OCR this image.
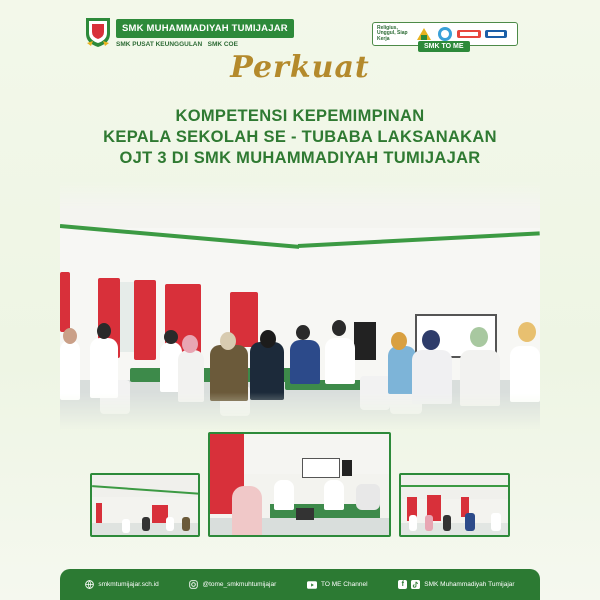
SMK MUHAMMADIYAH TUMIJAJAR
SMK PUSAT KEUNGGULAN SMK COE
Religius, Unggul, Siap Kerja
SMK TO ME
Perkuat
KOMPETENSI KEPEMIMPINAN
KEPALA SEKOLAH SE - TUBABA LAKSANAKAN
OJT 3 DI SMK MUHAMMADIYAH TUMIJAJAR
smkmtumijajar.sch.id	@tome_smkmuhtumijajar	TO ME Channel	f	SMK Muhammadiyah Tumijajar
